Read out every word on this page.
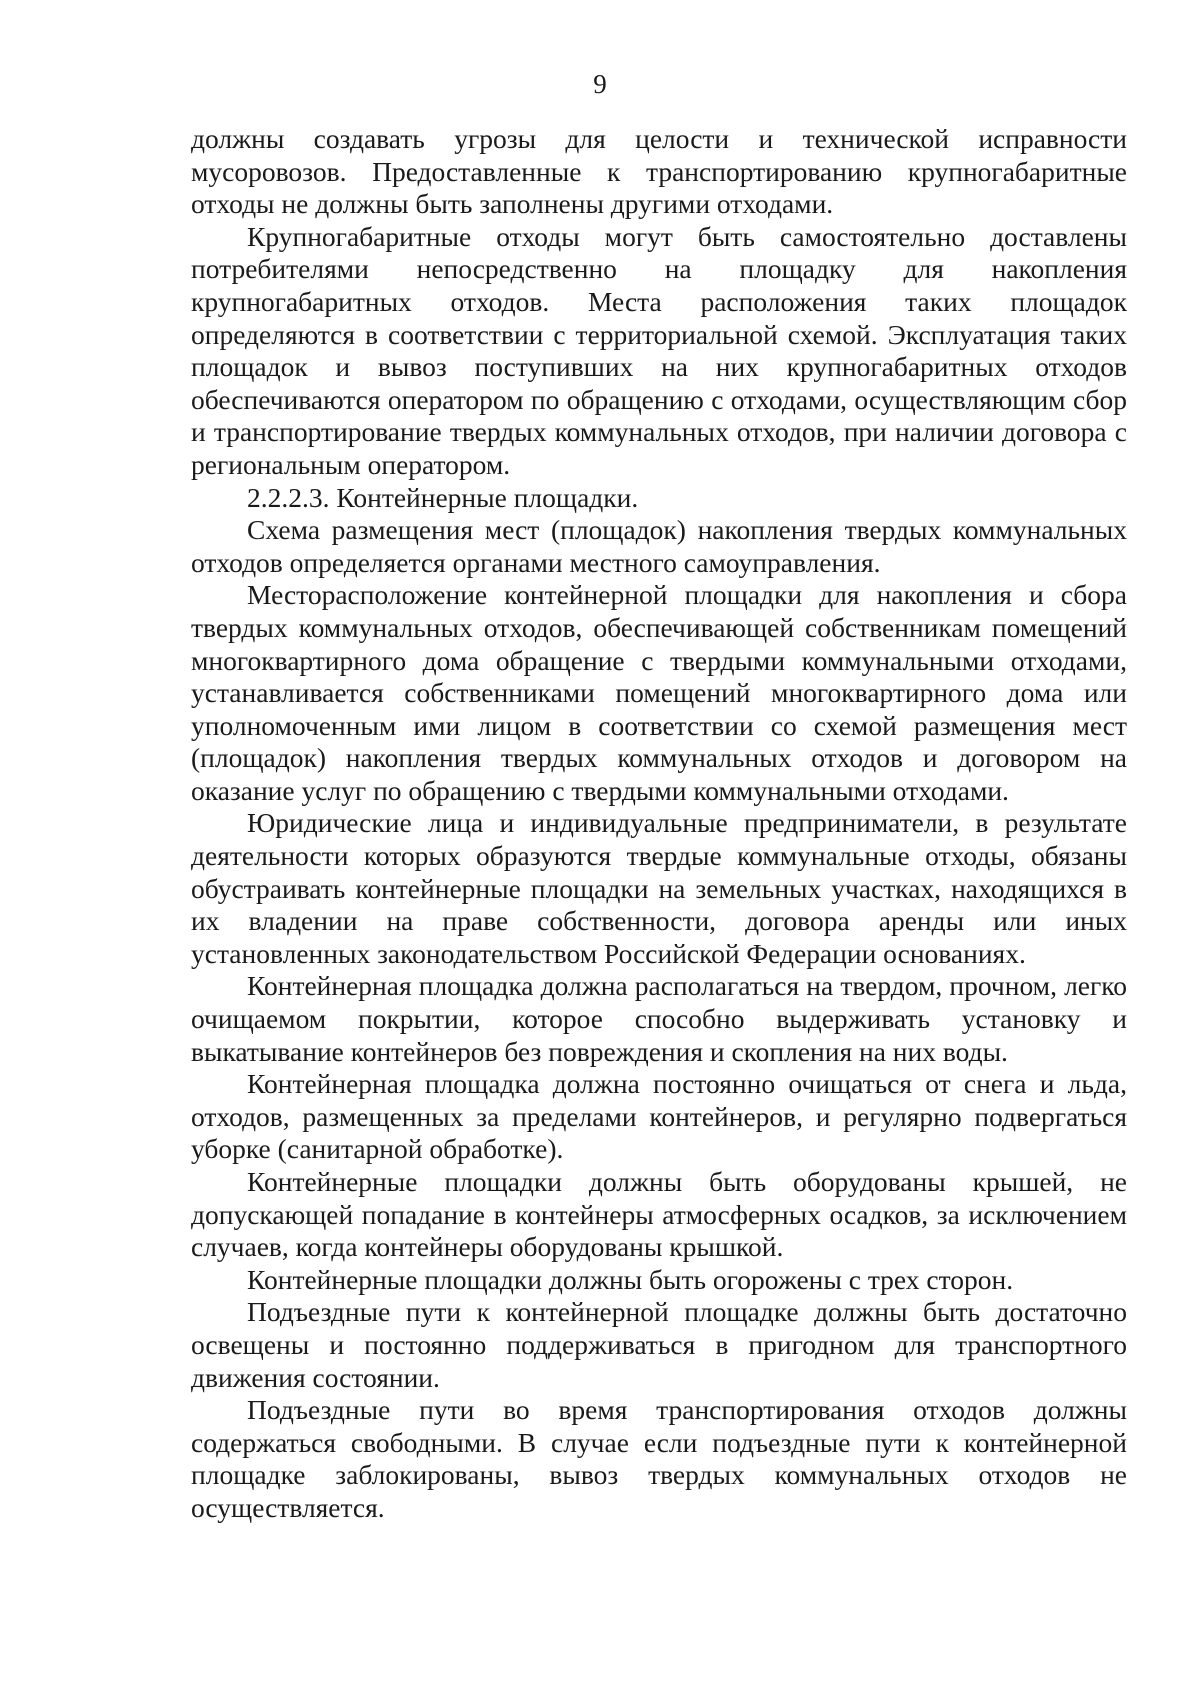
9

должны создавать угрозы для целости и технической исправности мусоровозов. Предоставленные к транспортированию крупногабаритные отходы не должны быть заполнены другими отходами.

Крупногабаритные отходы могут быть самостоятельно доставлены потребителями непосредственно на площадку для накопления крупногабаритных отходов. Места расположения таких площадок определяются в соответствии с территориальной схемой. Эксплуатация таких площадок и вывоз поступивших на них крупногабаритных отходов обеспечиваются оператором по обращению с отходами, осуществляющим сбор и транспортирование твердых коммунальных отходов, при наличии договора с региональным оператором.

2.2.2.3. Контейнерные площадки.

Схема размещения мест (площадок) накопления твердых коммунальных отходов определяется органами местного самоуправления.

Месторасположение контейнерной площадки для накопления и сбора твердых коммунальных отходов, обеспечивающей собственникам помещений многоквартирного дома обращение с твердыми коммунальными отходами, устанавливается собственниками помещений многоквартирного дома или уполномоченным ими лицом в соответствии со схемой размещения мест (площадок) накопления твердых коммунальных отходов и договором на оказание услуг по обращению с твердыми коммунальными отходами.

Юридические лица и индивидуальные предприниматели, в результате деятельности которых образуются твердые коммунальные отходы, обязаны обустраивать контейнерные площадки на земельных участках, находящихся в их владении на праве собственности, договора аренды или иных установленных законодательством Российской Федерации основаниях.

Контейнерная площадка должна располагаться на твердом, прочном, легко очищаемом покрытии, которое способно выдерживать установку и выкатывание контейнеров без повреждения и скопления на них воды.

Контейнерная площадка должна постоянно очищаться от снега и льда, отходов, размещенных за пределами контейнеров, и регулярно подвергаться уборке (санитарной обработке).

Контейнерные площадки должны быть оборудованы крышей, не допускающей попадание в контейнеры атмосферных осадков, за исключением случаев, когда контейнеры оборудованы крышкой.

Контейнерные площадки должны быть огорожены с трех сторон.

Подъездные пути к контейнерной площадке должны быть достаточно освещены и постоянно поддерживаться в пригодном для транспортного движения состоянии.

Подъездные пути во время транспортирования отходов должны содержаться свободными. В случае если подъездные пути к контейнерной площадке заблокированы, вывоз твердых коммунальных отходов не осуществляется.
